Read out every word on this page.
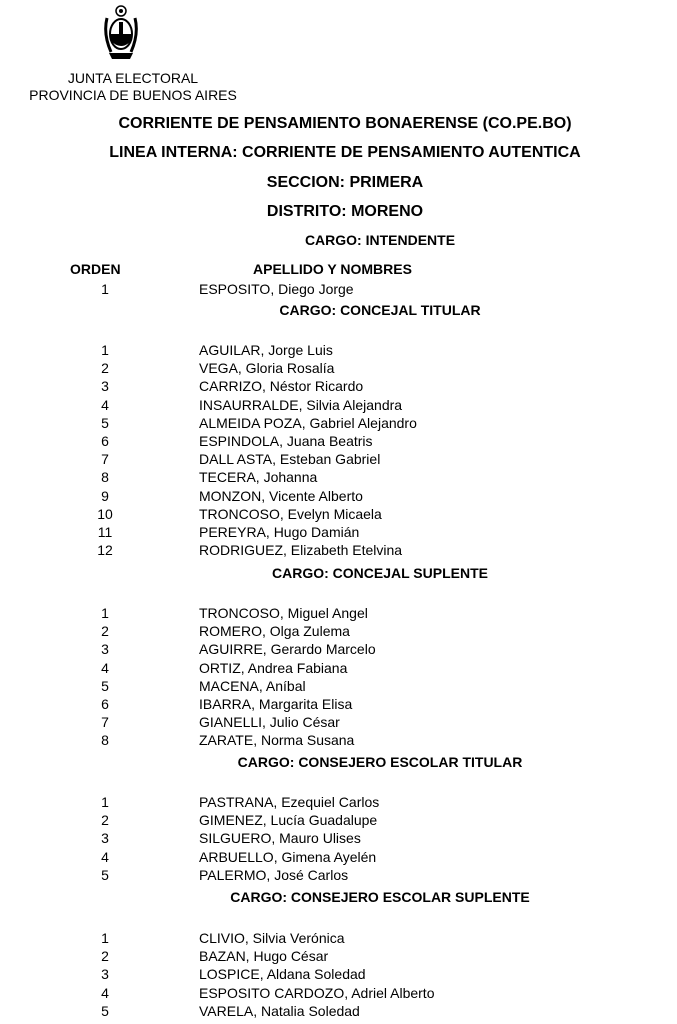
JUNTA ELECTORAL
PROVINCIA DE BUENOS AIRES
CORRIENTE DE PENSAMIENTO BONAERENSE (CO.PE.BO)
LINEA INTERNA: CORRIENTE DE PENSAMIENTO AUTENTICA
SECCION: PRIMERA
DISTRITO: MORENO
ORDEN	APELLIDO Y NOMBRES
CARGO: INTENDENTE
1	ESPOSITO, Diego Jorge
CARGO: CONCEJAL TITULAR
1	AGUILAR, Jorge Luis
2	VEGA, Gloria Rosalía
3	CARRIZO, Néstor Ricardo
4	INSAURRALDE, Silvia Alejandra
5	ALMEIDA POZA, Gabriel Alejandro
6	ESPINDOLA, Juana Beatris
7	DALL ASTA, Esteban Gabriel
8	TECERA, Johanna
9	MONZON, Vicente Alberto
10	TRONCOSO, Evelyn Micaela
11	PEREYRA, Hugo Damián
12	RODRIGUEZ, Elizabeth Etelvina
CARGO: CONCEJAL SUPLENTE
1	TRONCOSO, Miguel Angel
2	ROMERO, Olga Zulema
3	AGUIRRE, Gerardo Marcelo
4	ORTIZ, Andrea Fabiana
5	MACENA, Aníbal
6	IBARRA, Margarita Elisa
7	GIANELLI, Julio César
8	ZARATE, Norma Susana
CARGO: CONSEJERO ESCOLAR TITULAR
1	PASTRANA, Ezequiel Carlos
2	GIMENEZ, Lucía Guadalupe
3	SILGUERO, Mauro Ulises
4	ARBUELLO, Gimena Ayelén
5	PALERMO, José Carlos
CARGO: CONSEJERO ESCOLAR SUPLENTE
1	CLIVIO, Silvia Verónica
2	BAZAN, Hugo César
3	LOSPICE, Aldana Soledad
4	ESPOSITO CARDOZO, Adriel Alberto
5	VARELA, Natalia Soledad
